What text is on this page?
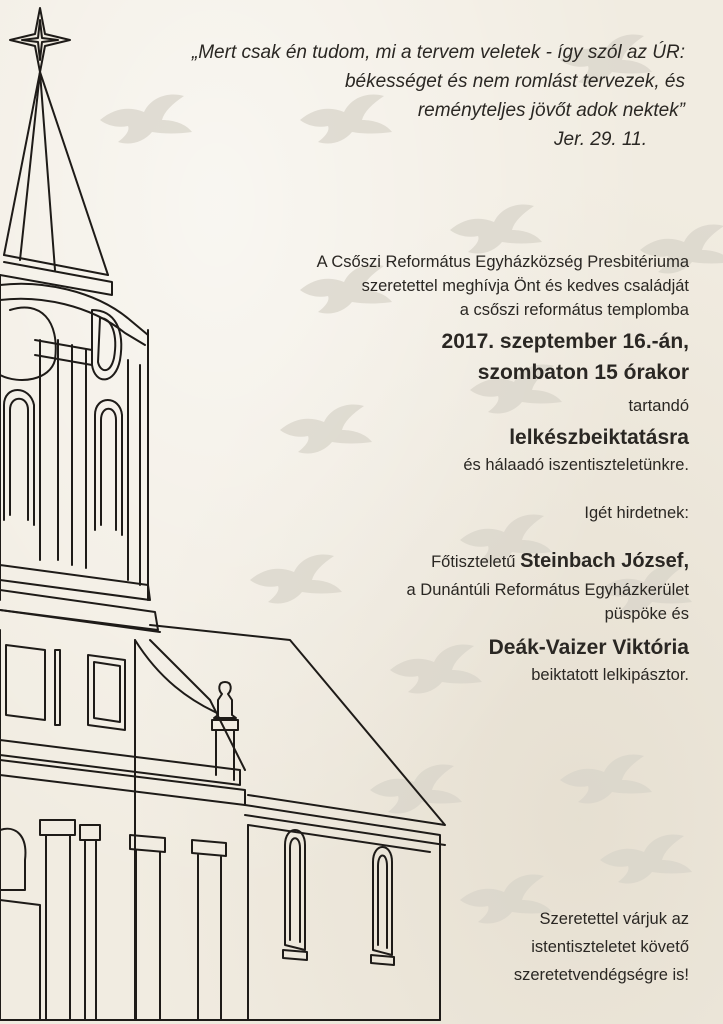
„Mert csak én tudom, mi a tervem veletek - így szól az ÚR:
békességet és nem romlást tervezek, és
reményteljes jövőt adok nektek”
Jer. 29. 11.
A Csőszi Református Egyházközség Presbitériuma
szeretettel meghívja Önt és kedves családját
a csőszi református templomba
2017. szeptember 16.-án,
szombaton 15 órakor
tartandó
lelkészbeiktatásra
és hálaadó iszentiszteletünkre.
Igét hirdetnek:
Főtiszteletű Steinbach József,
a Dunántúli Református Egyházkerület
püspöke és
Deák-Vaizer Viktória
beiktatott lelkipásztor.
Szeretettel várjuk az
istentiszteletet követő
szeretetvendégségre is!
